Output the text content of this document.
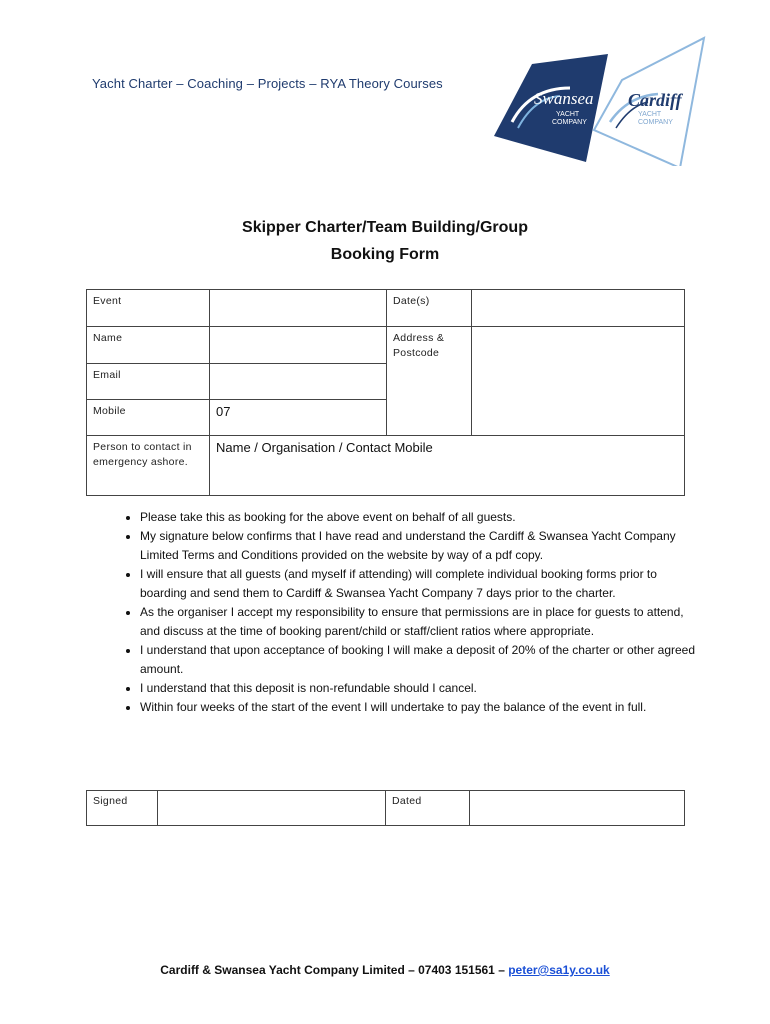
Yacht Charter – Coaching – Projects – RYA Theory Courses
Swansea
YACHT
COMPANY
Cardiff
YACHT
COMPANY
Skipper Charter/Team Building/Group
Booking Form
Event		Date(s)	
Name		Address &
Postcode	

Email			
Mobile	07		

Person to contact in
emergency ashore.	Name / Organisation / Contact Mobile		
• Please take this as booking for the above event on behalf of all guests.
• My signature below confirms that I have read and understand the Cardiff & Swansea Yacht Company Limited Terms and Conditions provided on the website by way of a pdf copy.
• I will ensure that all guests (and myself if attending) will complete individual booking forms prior to boarding and send them to Cardiff & Swansea Yacht Company 7 days prior to the charter.
• As the organiser I accept my responsibility to ensure that permissions are in place for guests to attend, and discuss at the time of booking parent/child or staff/client ratios where appropriate.
• I understand that upon acceptance of booking I will make a deposit of 20% of the charter or other agreed amount.
• I understand that this deposit is non-refundable should I cancel.
• Within four weeks of the start of the event I will undertake to pay the balance of the event in full.
Signed		Dated	
Cardiff & Swansea Yacht Company Limited – 07403 151561 – peter@sa1y.co.uk
